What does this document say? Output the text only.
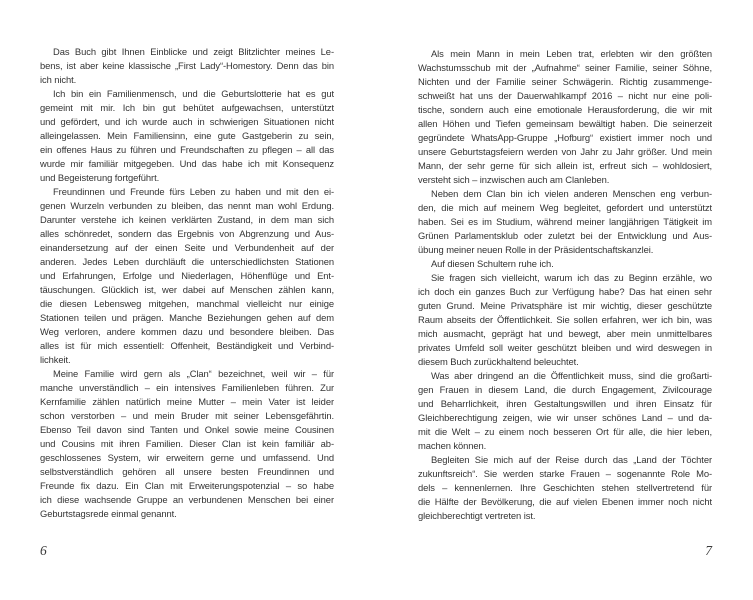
Das Buch gibt Ihnen Einblicke und zeigt Blitzlichter meines Le-
bens, ist aber keine klassische „First Lady“-Homestory. Denn das bin
ich nicht.
Ich bin ein Familienmensch, und die Geburtslotterie hat es gut
gemeint mit mir. Ich bin gut behütet aufgewachsen, unterstützt
und gefördert, und ich wurde auch in schwierigen Situationen nicht
alleingelassen. Mein Familiensinn, eine gute Gastgeberin zu sein,
ein offenes Haus zu führen und Freundschaften zu pflegen – all das
wurde mir familiär mitgegeben. Und das habe ich mit Konsequenz
und Begeisterung fortgeführt.
Freundinnen und Freunde fürs Leben zu haben und mit den ei-
genen Wurzeln verbunden zu bleiben, das nennt man wohl Erdung.
Darunter verstehe ich keinen verklärten Zustand, in dem man sich
alles schönredet, sondern das Ergebnis von Abgrenzung und Aus-
einandersetzung auf der einen Seite und Verbundenheit auf der
anderen. Jedes Leben durchläuft die unterschiedlichsten Stationen
und Erfahrungen, Erfolge und Niederlagen, Höhenflüge und Ent-
täuschungen. Glücklich ist, wer dabei auf Menschen zählen kann,
die diesen Lebensweg mitgehen, manchmal vielleicht nur einige
Stationen teilen und prägen. Manche Beziehungen gehen auf dem
Weg verloren, andere kommen dazu und besondere bleiben. Das
alles ist für mich essentiell: Offenheit, Beständigkeit und Verbind-
lichkeit.
Meine Familie wird gern als „Clan“ bezeichnet, weil wir – für
manche unverständlich – ein intensives Familienleben führen. Zur
Kernfamilie zählen natürlich meine Mutter – mein Vater ist leider
schon verstorben – und mein Bruder mit seiner Lebensgefährtin.
Ebenso Teil davon sind Tanten und Onkel sowie meine Cousinen
und Cousins mit ihren Familien. Dieser Clan ist kein familiär ab-
geschlossenes System, wir erweitern gerne und umfassend. Und
selbstverständlich gehören all unsere besten Freundinnen und
Freunde fix dazu. Ein Clan mit Erweiterungspotenzial – so habe
ich diese wachsende Gruppe an verbundenen Menschen bei einer
Geburtstagsrede einmal genannt.
6
Als mein Mann in mein Leben trat, erlebten wir den größten
Wachstumsschub mit der „Aufnahme“ seiner Familie, seiner Söhne,
Nichten und der Familie seiner Schwägerin. Richtig zusammenge-
schweißt hat uns der Dauerwahlkampf 2016 – nicht nur eine poli-
tische, sondern auch eine emotionale Herausforderung, die wir mit
allen Höhen und Tiefen gemeinsam bewältigt haben. Die seinerzeit
gegründete WhatsApp-Gruppe „Hofburg“ existiert immer noch und
unsere Geburtstagsfeiern werden von Jahr zu Jahr größer. Und mein
Mann, der sehr gerne für sich allein ist, erfreut sich – wohldosiert,
versteht sich – inzwischen auch am Clanleben.
Neben dem Clan bin ich vielen anderen Menschen eng verbun-
den, die mich auf meinem Weg begleitet, gefordert und unterstützt
haben. Sei es im Studium, während meiner langjährigen Tätigkeit im
Grünen Parlamentsklub oder zuletzt bei der Entwicklung und Aus-
übung meiner neuen Rolle in der Präsidentschaftskanzlei.
Auf diesen Schultern ruhe ich.
Sie fragen sich vielleicht, warum ich das zu Beginn erzähle, wo
ich doch ein ganzes Buch zur Verfügung habe? Das hat einen sehr
guten Grund. Meine Privatsphäre ist mir wichtig, dieser geschützte
Raum abseits der Öffentlichkeit. Sie sollen erfahren, wer ich bin, was
mich ausmacht, geprägt hat und bewegt, aber mein unmittelbares
privates Umfeld soll weiter geschützt bleiben und wird deswegen in
diesem Buch zurückhaltend beleuchtet.
Was aber dringend an die Öffentlichkeit muss, sind die großarti-
gen Frauen in diesem Land, die durch Engagement, Zivilcourage
und Beharrlichkeit, ihren Gestaltungswillen und ihren Einsatz für
Gleichberechtigung zeigen, wie wir unser schönes Land – und da-
mit die Welt – zu einem noch besseren Ort für alle, die hier leben,
machen können.
Begleiten Sie mich auf der Reise durch das „Land der Töchter
zukunftsreich“. Sie werden starke Frauen – sogenannte Role Mo-
dels – kennenlernen. Ihre Geschichten stehen stellvertretend für
die Hälfte der Bevölkerung, die auf vielen Ebenen immer noch nicht
gleichberechtigt vertreten ist.
7
